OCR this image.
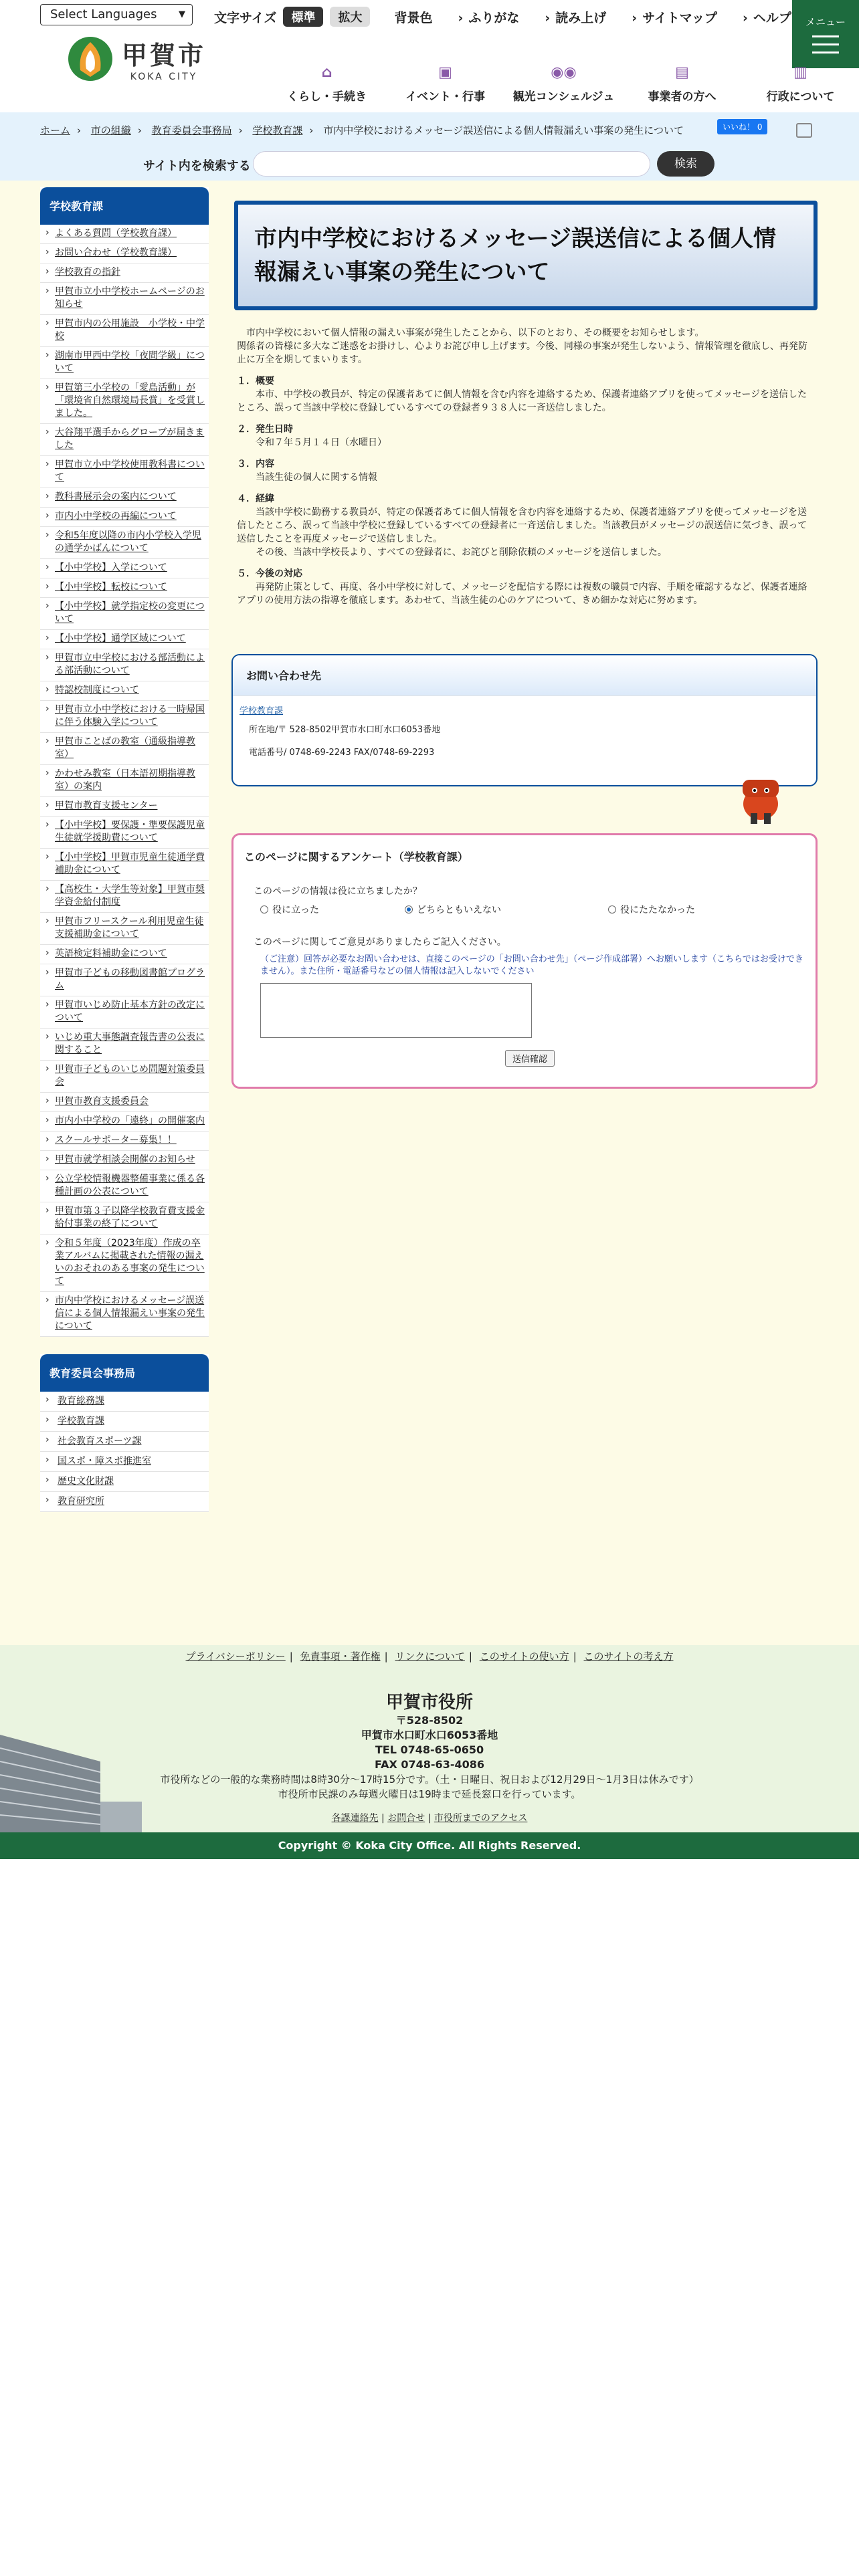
Select Languages	▼ 文字サイズ	標準	拡大	背景色	› ふりがな	› 読み上げ	› サイトマップ	› ヘルプ	メニュー
甲賀市
KOKA CITY	⌂
くらし・手続き
▣
イベント・行事
◉◉
観光コンシェルジュ
▤
事業者の方へ
▥
行政について
ホーム › 市の組織 › 教育委員会事務局 › 学校教育課 › 市内中学校におけるメッセージ誤送信による個人情報漏えい事案の発生について	いいね！ 0
サイト内を検索する	検索
学校教育課
› よくある質問（学校教育課）
› お問い合わせ（学校教育課）
› 学校教育の指針
› 甲賀市立小中学校ホームページのお知らせ
› 甲賀市内の公用施設　小学校・中学校
› 湖南市甲西中学校「夜間学級」について
› 甲賀第三小学校の「愛島活動」が「環境省自然環境局長賞」を受賞しました。
› 大谷翔平選手からグローブが届きました
› 甲賀市立小中学校使用教科書について
› 教科書展示会の案内について
› 市内小中学校の再編について
› 令和5年度以降の市内小学校入学児の通学かばんについて
› 【小中学校】入学について
› 【小中学校】転校について
› 【小中学校】就学指定校の変更について
› 【小中学校】通学区域について
› 甲賀市立中学校における部活動による部活動について
› 特認校制度について
› 甲賀市立小中学校における一時帰国に伴う体験入学について
› 甲賀市ことばの教室（通級指導教室）
› かわせみ教室（日本語初期指導教室）の案内
› 甲賀市教育支援センター
› 【小中学校】要保護・準要保護児童生徒就学援助費について
› 【小中学校】甲賀市児童生徒通学費補助金について
› 【高校生・大学生等対象】甲賀市奨学資金給付制度
› 甲賀市フリースクール利用児童生徒支援補助金について
› 英語検定料補助金について
› 甲賀市子どもの移動図書館プログラム
› 甲賀市いじめ防止基本方針の改定について
› いじめ重大事態調査報告書の公表に関すること
› 甲賀市子どものいじめ問題対策委員会
› 甲賀市教育支援委員会
› 市内小中学校の「遠終」の開催案内
› スクールサポーター募集！！
› 甲賀市就学相談会開催のお知らせ
› 公立学校情報機器整備事業に係る各種計画の公表について
› 甲賀市第３子以降学校教育費支援金給付事業の終了について
› 令和５年度（2023年度）作成の卒業アルバムに掲載された情報の漏えいのおそれのある事案の発生について
› 市内中学校におけるメッセージ誤送信による個人情報漏えい事案の発生について
教育委員会事務局
› 教育総務課
› 学校教育課
› 社会教育スポーツ課
› 国スポ・障スポ推進室
› 歴史文化財課
› 教育研究所
市内中学校におけるメッセージ誤送信による個人情報漏えい事案の発生について

市内中学校において個人情報の漏えい事案が発生したことから、以下のとおり、その概要をお知らせします。
関係者の皆様に多大なご迷惑をお掛けし、心よりお詫び申し上げます。今後、同様の事案が発生しないよう、情報管理を徹底し、再発防止に万全を期してまいります。

１．概要

本市、中学校の教員が、特定の保護者あてに個人情報を含む内容を連絡するため、保護者連絡アプリを使ってメッセージを送信したところ、誤って当該中学校に登録しているすべての登録者９３８人に一斉送信しました。

２．発生日時

令和７年５月１４日（水曜日）

３．内容

当該生徒の個人に関する情報

４．経緯

当該中学校に勤務する教員が、特定の保護者あてに個人情報を含む内容を連絡するため、保護者連絡アプリを使ってメッセージを送信したところ、誤って当該中学校に登録しているすべての登録者に一斉送信しました。当該教員がメッセージの誤送信に気づき、誤って送信したことを再度メッセージで送信しました。

その後、当該中学校長より、すべての登録者に、お詫びと削除依頼のメッセージを送信しました。

５．今後の対応

再発防止策として、再度、各小中学校に対して、メッセージを配信する際には複数の職員で内容、手順を確認するなど、保護者連絡アプリの使用方法の指導を徹底します。あわせて、当該生徒の心のケアについて、きめ細かな対応に努めます。

お問い合わせ先
学校教育課
所在地/〒 528-8502甲賀市水口町水口6053番地
電話番号/ 0748-69-2243 FAX/0748-69-2293
このページに関するアンケート（学校教育課）
このページの情報は役に立ちましたか？
役に立った	どちらともいえない	役にたたなかった
このページに関してご意見がありましたらご記入ください。
（ご注意）回答が必要なお問い合わせは、直接このページの「お問い合わせ先」（ページ作成部署）へお願いします（こちらではお受けできません）。また住所・電話番号などの個人情報は記入しないでください
送信確認
プライバシーポリシー | 免責事項・著作権 | リンクについて | このサイトの使い方 | このサイトの考え方
甲賀市役所
〒528-8502
甲賀市水口町水口6053番地
TEL 0748-65-0650
FAX 0748-63-4086
市役所などの一般的な業務時間は8時30分～17時15分です。（土・日曜日、祝日および12月29日～1月3日は休みです）
市役所市民課のみ毎週火曜日は19時まで延長窓口を行っています。
各課連絡先 | お問合せ | 市役所までのアクセス
Copyright © Koka City Office. All Rights Reserved.
